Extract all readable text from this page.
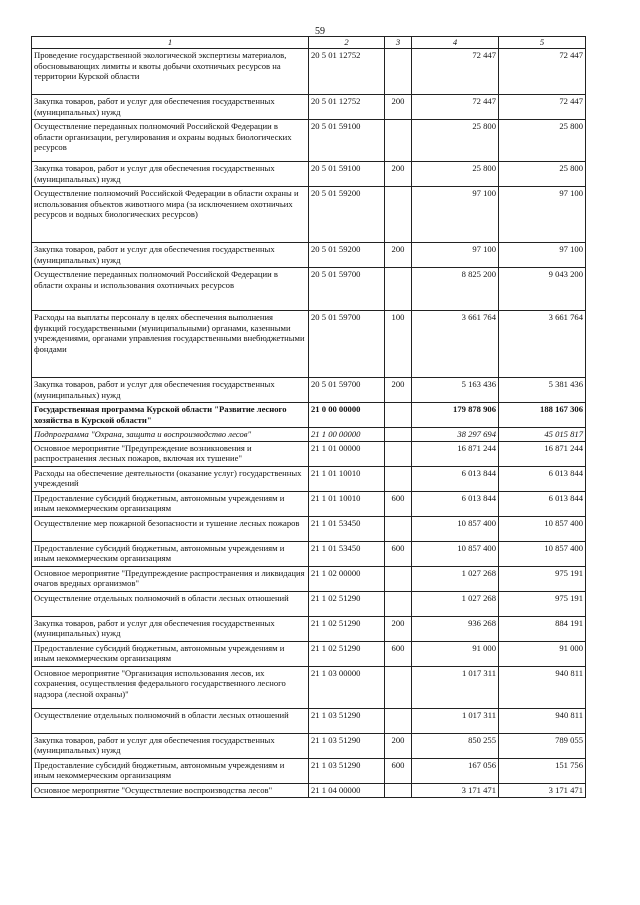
59
1	2	3	4	5
Проведение государственной экологической экспертизы материалов, обосновывающих лимиты и квоты добычи охотничьих ресурсов на территории Курской области	20 5 01 12752		72 447	72 447
Закупка товаров, работ и услуг для обеспечения государственных (муниципальных) нужд	20 5 01 12752	200	72 447	72 447
Осуществление переданных полномочий Российской Федерации в области организации, регулирования и охраны водных биологических ресурсов	20 5 01 59100		25 800	25 800
Закупка товаров, работ и услуг для обеспечения государственных (муниципальных) нужд	20 5 01 59100	200	25 800	25 800
Осуществление полномочий Российской Федерации в области охраны и использования объектов животного мира (за исключением охотничьих ресурсов и водных биологических ресурсов)	20 5 01 59200		97 100	97 100
Закупка товаров, работ и услуг для обеспечения государственных (муниципальных) нужд	20 5 01 59200	200	97 100	97 100
Осуществление переданных полномочий Российской Федерации в области охраны и использования охотничьих ресурсов	20 5 01 59700		8 825 200	9 043 200
Расходы на выплаты персоналу в целях обеспечения выполнения функций государственными (муниципальными) органами, казенными учреждениями, органами управления государственными внебюджетными фондами	20 5 01 59700	100	3 661 764	3 661 764
Закупка товаров, работ и услуг для обеспечения государственных (муниципальных) нужд	20 5 01 59700	200	5 163 436	5 381 436
Государственная программа Курской области "Развитие лесного хозяйства в Курской области"	21 0 00 00000		179 878 906	188 167 306
Подпрограмма "Охрана, защита и воспроизводство лесов"	21 1 00 00000		38 297 694	45 015 817
Основное мероприятие "Предупреждение возникновения и распространения лесных пожаров, включая их тушение"	21 1 01 00000		16 871 244	16 871 244
Расходы на обеспечение деятельности (оказание услуг) государственных учреждений	21 1 01 10010		6 013 844	6 013 844
Предоставление субсидий бюджетным, автономным учреждениям и иным некоммерческим организациям	21 1 01 10010	600	6 013 844	6 013 844
Осуществление мер пожарной безопасности и тушение лесных пожаров	21 1 01 53450		10 857 400	10 857 400
Предоставление субсидий бюджетным, автономным учреждениям и иным некоммерческим организациям	21 1 01 53450	600	10 857 400	10 857 400
Основное мероприятие "Предупреждение распространения и ликвидация очагов вредных организмов"	21 1 02 00000		1 027 268	975 191
Осуществление отдельных полномочий в области лесных отношений	21 1 02 51290		1 027 268	975 191
Закупка товаров, работ и услуг для обеспечения государственных (муниципальных) нужд	21 1 02 51290	200	936 268	884 191
Предоставление субсидий бюджетным, автономным учреждениям и иным некоммерческим организациям	21 1 02 51290	600	91 000	91 000
Основное мероприятие "Организация использования лесов, их сохранения, осуществления федерального государственного лесного надзора (лесной охраны)"	21 1 03 00000		1 017 311	940 811
Осуществление отдельных полномочий в области лесных отношений	21 1 03 51290		1 017 311	940 811
Закупка товаров, работ и услуг для обеспечения государственных (муниципальных) нужд	21 1 03 51290	200	850 255	789 055
Предоставление субсидий бюджетным, автономным учреждениям и иным некоммерческим организациям	21 1 03 51290	600	167 056	151 756
Основное мероприятие "Осуществление воспроизводства лесов"	21 1 04 00000		3 171 471	3 171 471
